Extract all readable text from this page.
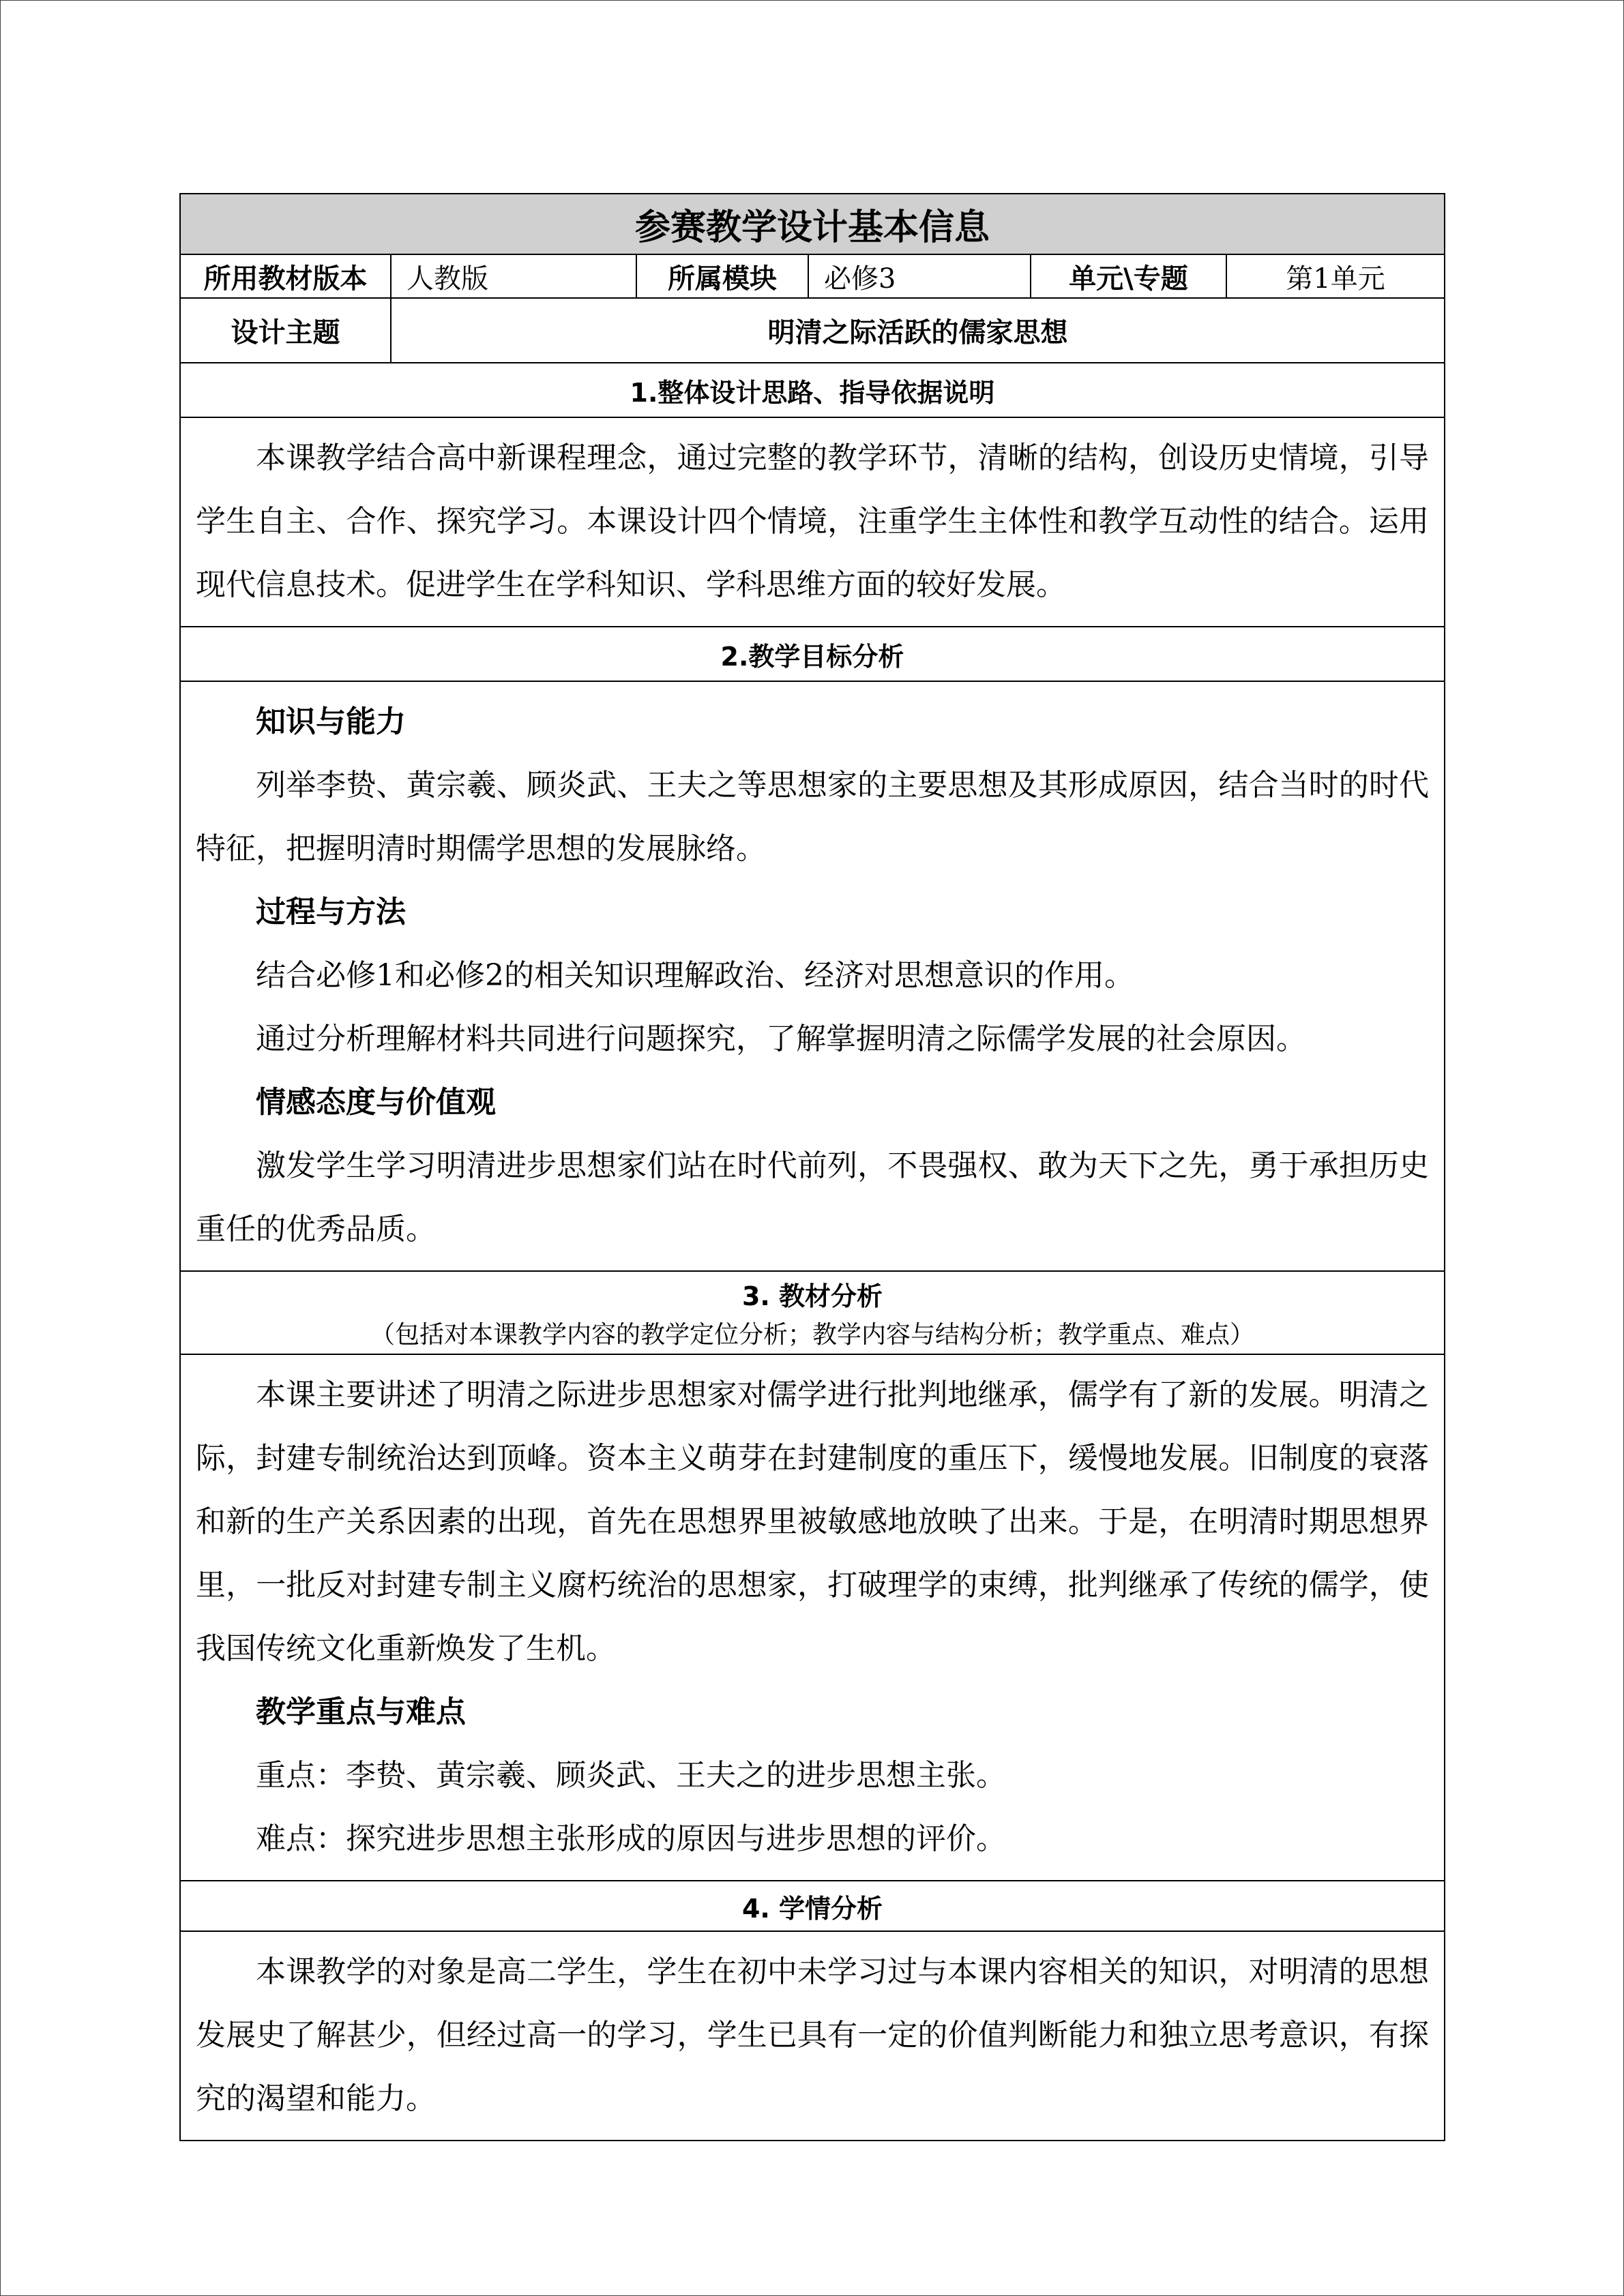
参赛教学设计基本信息
所用教材版本	人教版	所属模块	必修3	单元\专题	第1单元
设计主题	明清之际活跃的儒家思想
1.整体设计思路、指导依据说明

本课教学结合高中新课程理念，通过完整的教学环节，清晰的结构，创设历史情境，引导学生自主、合作、探究学习。本课设计四个情境，注重学生主体性和教学互动性的结合。运用现代信息技术。促进学生在学科知识、学科思维方面的较好发展。

2.教学目标分析

知识与能力

列举李贽、黄宗羲、顾炎武、王夫之等思想家的主要思想及其形成原因，结合当时的时代特征，把握明清时期儒学思想的发展脉络。

过程与方法

结合必修1和必修2的相关知识理解政治、经济对思想意识的作用。

通过分析理解材料共同进行问题探究，了解掌握明清之际儒学发展的社会原因。

情感态度与价值观

激发学生学习明清进步思想家们站在时代前列，不畏强权、敢为天下之先，勇于承担历史重任的优秀品质。

3. 教材分析
（包括对本课教学内容的教学定位分析；教学内容与结构分析；教学重点、难点）

本课主要讲述了明清之际进步思想家对儒学进行批判地继承，儒学有了新的发展。明清之际，封建专制统治达到顶峰。资本主义萌芽在封建制度的重压下，缓慢地发展。旧制度的衰落和新的生产关系因素的出现，首先在思想界里被敏感地放映了出来。于是，在明清时期思想界里，一批反对封建专制主义腐朽统治的思想家，打破理学的束缚，批判继承了传统的儒学，使我国传统文化重新焕发了生机。

教学重点与难点

重点：李贽、黄宗羲、顾炎武、王夫之的进步思想主张。

难点：探究进步思想主张形成的原因与进步思想的评价。

4. 学情分析

本课教学的对象是高二学生，学生在初中未学习过与本课内容相关的知识，对明清的思想发展史了解甚少，但经过高一的学习，学生已具有一定的价值判断能力和独立思考意识，有探究的渴望和能力。
